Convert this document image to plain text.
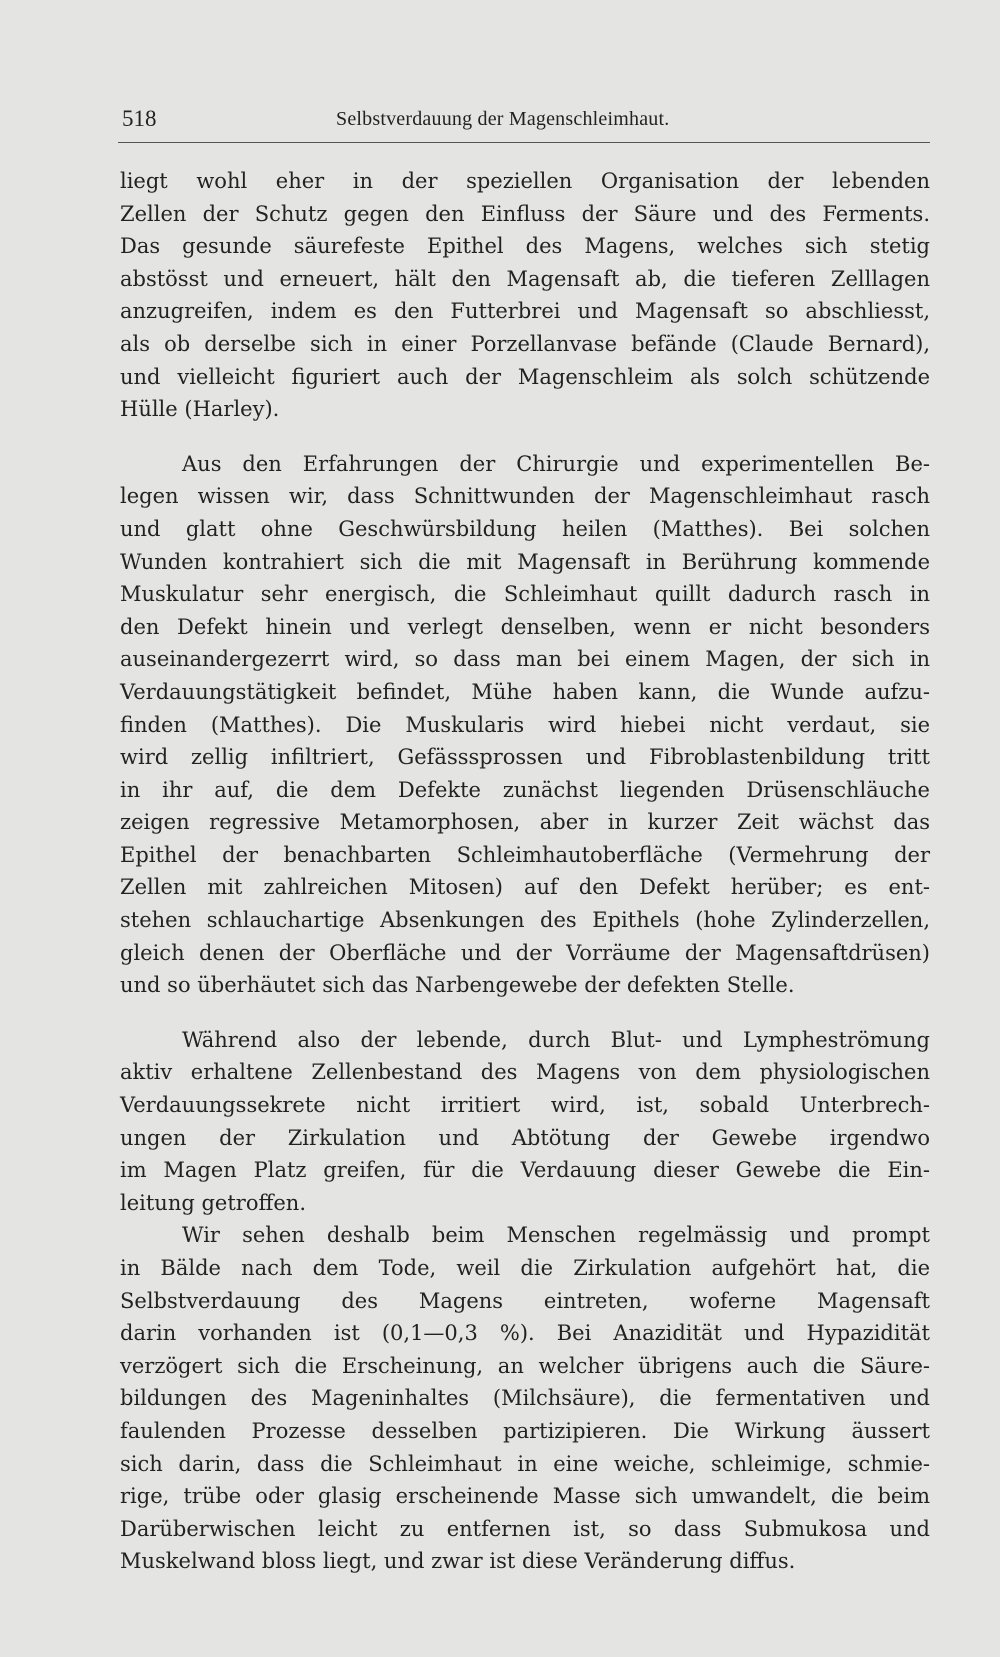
518	Selbstverdauung der Magenschleimhaut.
liegt wohl eher in der speziellen Organisation der lebenden
Zellen der Schutz gegen den Einfluss der Säure und des Ferments.
Das gesunde säurefeste Epithel des Magens, welches sich stetig
abstösst und erneuert, hält den Magensaft ab, die tieferen Zelllagen
anzugreifen, indem es den Futterbrei und Magensaft so abschliesst,
als ob derselbe sich in einer Porzellanvase befände (Claude Bernard),
und vielleicht figuriert auch der Magenschleim als solch schützende
Hülle (Harley).
Aus den Erfahrungen der Chirurgie und experimentellen Be-
legen wissen wir, dass Schnittwunden der Magenschleimhaut rasch
und glatt ohne Geschwürsbildung heilen (Matthes). Bei solchen
Wunden kontrahiert sich die mit Magensaft in Berührung kommende
Muskulatur sehr energisch, die Schleimhaut quillt dadurch rasch in
den Defekt hinein und verlegt denselben, wenn er nicht besonders
auseinandergezerrt wird, so dass man bei einem Magen, der sich in
Verdauungstätigkeit befindet, Mühe haben kann, die Wunde aufzu-
finden (Matthes). Die Muskularis wird hiebei nicht verdaut, sie
wird zellig infiltriert, Gefässsprossen und Fibroblastenbildung tritt
in ihr auf, die dem Defekte zunächst liegenden Drüsenschläuche
zeigen regressive Metamorphosen, aber in kurzer Zeit wächst das
Epithel der benachbarten Schleimhautoberfläche (Vermehrung der
Zellen mit zahlreichen Mitosen) auf den Defekt herüber; es ent-
stehen schlauchartige Absenkungen des Epithels (hohe Zylinderzellen,
gleich denen der Oberfläche und der Vorräume der Magensaftdrüsen)
und so überhäutet sich das Narbengewebe der defekten Stelle.
Während also der lebende, durch Blut- und Lympheströmung
aktiv erhaltene Zellenbestand des Magens von dem physiologischen
Verdauungssekrete nicht irritiert wird, ist, sobald Unterbrech-
ungen der Zirkulation und Abtötung der Gewebe irgendwo
im Magen Platz greifen, für die Verdauung dieser Gewebe die Ein-
leitung getroffen.
Wir sehen deshalb beim Menschen regelmässig und prompt
in Bälde nach dem Tode, weil die Zirkulation aufgehört hat, die
Selbstverdauung des Magens eintreten, woferne Magensaft
darin vorhanden ist (0,1—0,3 %). Bei Anazidität und Hypazidität
verzögert sich die Erscheinung, an welcher übrigens auch die Säure-
bildungen des Mageninhaltes (Milchsäure), die fermentativen und
faulenden Prozesse desselben partizipieren. Die Wirkung äussert
sich darin, dass die Schleimhaut in eine weiche, schleimige, schmie-
rige, trübe oder glasig erscheinende Masse sich umwandelt, die beim
Darüberwischen leicht zu entfernen ist, so dass Submukosa und
Muskelwand bloss liegt, und zwar ist diese Veränderung diffus.
